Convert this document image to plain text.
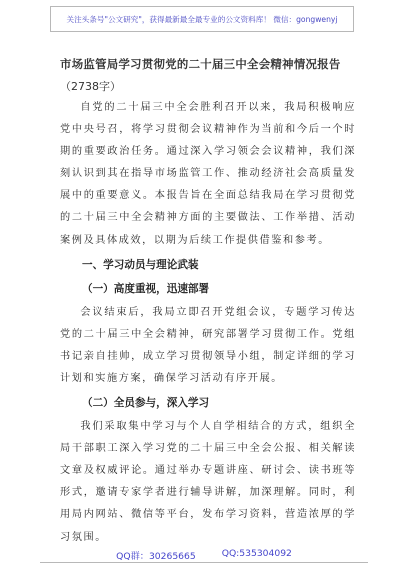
关注头条号"公文研究"，获得最新最全最专业的公文资料库！ 微信：gongwenyj
市场监管局学习贯彻党的二十届三中全会精神情况报告
（2738字）

自党的二十届三中全会胜利召开以来，我局积极响应党中央号召，将学习贯彻会议精神作为当前和今后一个时期的重要政治任务。通过深入学习领会会议精神，我们深刻认识到其在指导市场监管工作、推动经济社会高质量发展中的重要意义。本报告旨在全面总结我局在学习贯彻党的二十届三中全会精神方面的主要做法、工作举措、活动案例及具体成效，以期为后续工作提供借鉴和参考。

一、学习动员与理论武装
（一）高度重视，迅速部署

会议结束后，我局立即召开党组会议，专题学习传达党的二十届三中全会精神，研究部署学习贯彻工作。党组书记亲自挂帅，成立学习贯彻领导小组，制定详细的学习计划和实施方案，确保学习活动有序开展。

（二）全员参与，深入学习

我们采取集中学习与个人自学相结合的方式，组织全局干部职工深入学习党的二十届三中全会公报、相关解读文章及权威评论。通过举办专题讲座、研讨会、读书班等形式，邀请专家学者进行辅导讲解，加深理解。同时，利用局内网站、微信等平台，发布学习资料，营造浓厚的学习氛围。

QQ群：30265665	QQ:535304092
